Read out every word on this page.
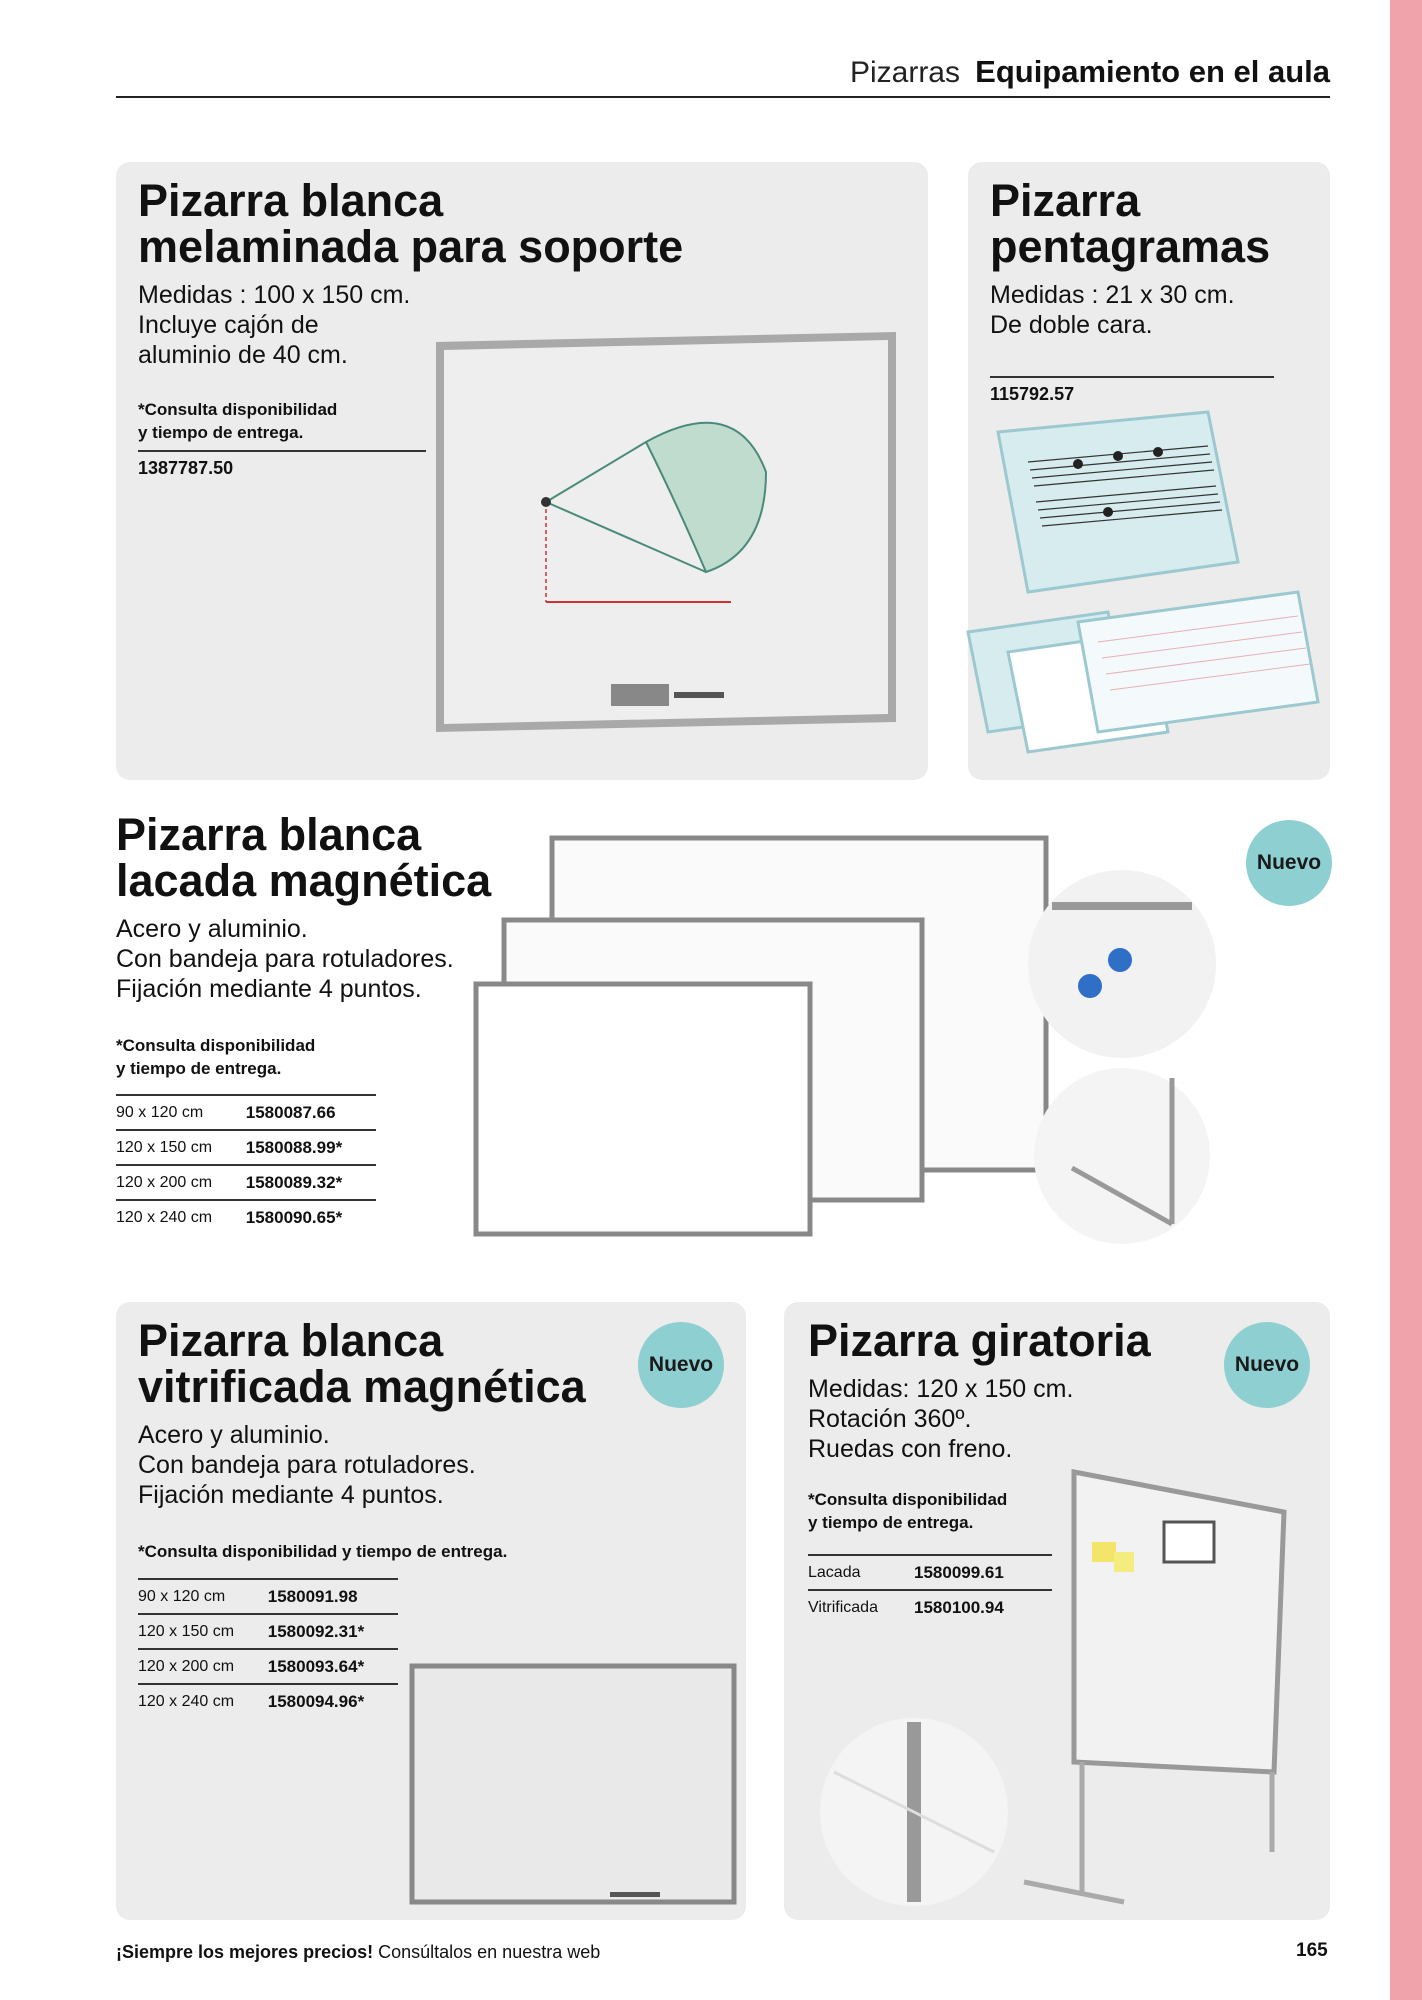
Pizarras Equipamiento en el aula
Pizarra blanca
melaminada para soporte
Medidas : 100 x 150 cm.
Incluye cajón de
aluminio de 40 cm.
*Consulta disponibilidad
y tiempo de entrega.
1387787.50
Pizarra
pentagramas
Medidas : 21 x 30 cm.
De doble cara.
115792.57
Pizarra blanca
lacada magnética
Acero y aluminio.
Con bandeja para rotuladores.
Fijación mediante 4 puntos.
*Consulta disponibilidad
y tiempo de entrega.
90 x 120 cm	1580087.66
120 x 150 cm	1580088.99*
120 x 200 cm	1580089.32*
120 x 240 cm	1580090.65*
Nuevo
Pizarra blanca
vitrificada magnética
Acero y aluminio.
Con bandeja para rotuladores.
Fijación mediante 4 puntos.
*Consulta disponibilidad y tiempo de entrega.
90 x 120 cm	1580091.98
120 x 150 cm	1580092.31*
120 x 200 cm	1580093.64*
120 x 240 cm	1580094.96*
Nuevo Pizarra giratoria
Medidas: 120 x 150 cm.
Rotación 360º.
Ruedas con freno.
*Consulta disponibilidad
y tiempo de entrega.
Lacada	1580099.61
Vitrificada	1580100.94
Nuevo
¡Siempre los mejores precios! Consúltalos en nuestra web	165
